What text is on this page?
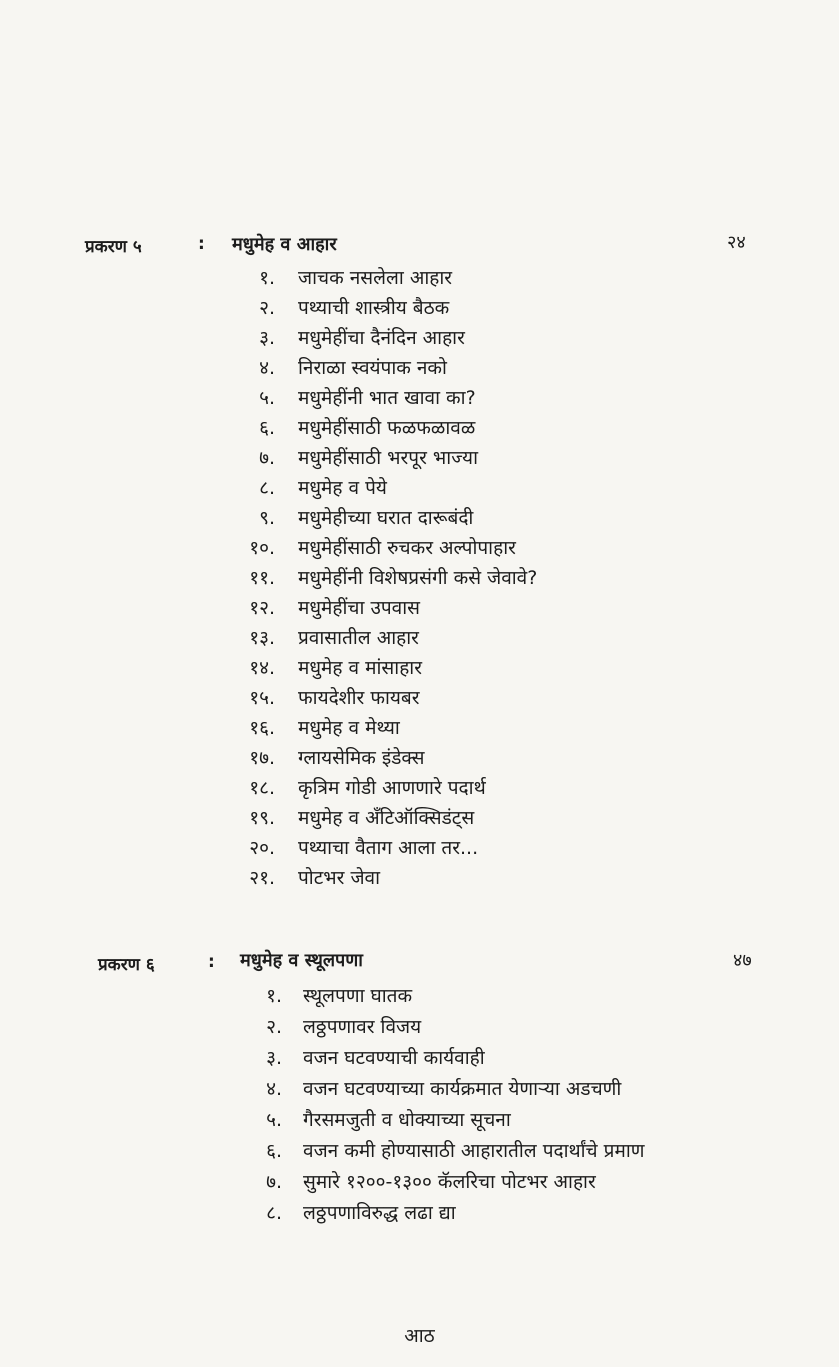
प्रकरण ५	: मधुमेह व आहार	२४
१. जाचक नसलेला आहार
२. पथ्याची शास्त्रीय बैठक
३. मधुमेहींचा दैनंदिन आहार
४. निराळा स्वयंपाक नको
५. मधुमेहींनी भात खावा का?
६. मधुमेहींसाठी फळफळावळ
७. मधुमेहींसाठी भरपूर भाज्या
८. मधुमेह व पेये
९. मधुमेहीच्या घरात दारूबंदी
१०. मधुमेहींसाठी रुचकर अल्पोपाहार
११. मधुमेहींनी विशेषप्रसंगी कसे जेवावे?
१२. मधुमेहींचा उपवास
१३. प्रवासातील आहार
१४. मधुमेह व मांसाहार
१५. फायदेशीर फायबर
१६. मधुमेह व मेथ्या
१७. ग्लायसेमिक इंडेक्स
१८. कृत्रिम गोडी आणणारे पदार्थ
१९. मधुमेह व अँटिऑक्सिडंट्स
२०. पथ्याचा वैताग आला तर...
२१. पोटभर जेवा
प्रकरण ६	: मधुमेह व स्थूलपणा	४७
१. स्थूलपणा घातक
२. लठ्ठपणावर विजय
३. वजन घटवण्याची कार्यवाही
४. वजन घटवण्याच्या कार्यक्रमात येणाऱ्या अडचणी
५. गैरसमजुती व धोक्याच्या सूचना
६. वजन कमी होण्यासाठी आहारातील पदार्थांचे प्रमाण
७. सुमारे १२००-१३०० कॅलरिचा पोटभर आहार
८. लठ्ठपणाविरुद्ध लढा द्या
आठ
